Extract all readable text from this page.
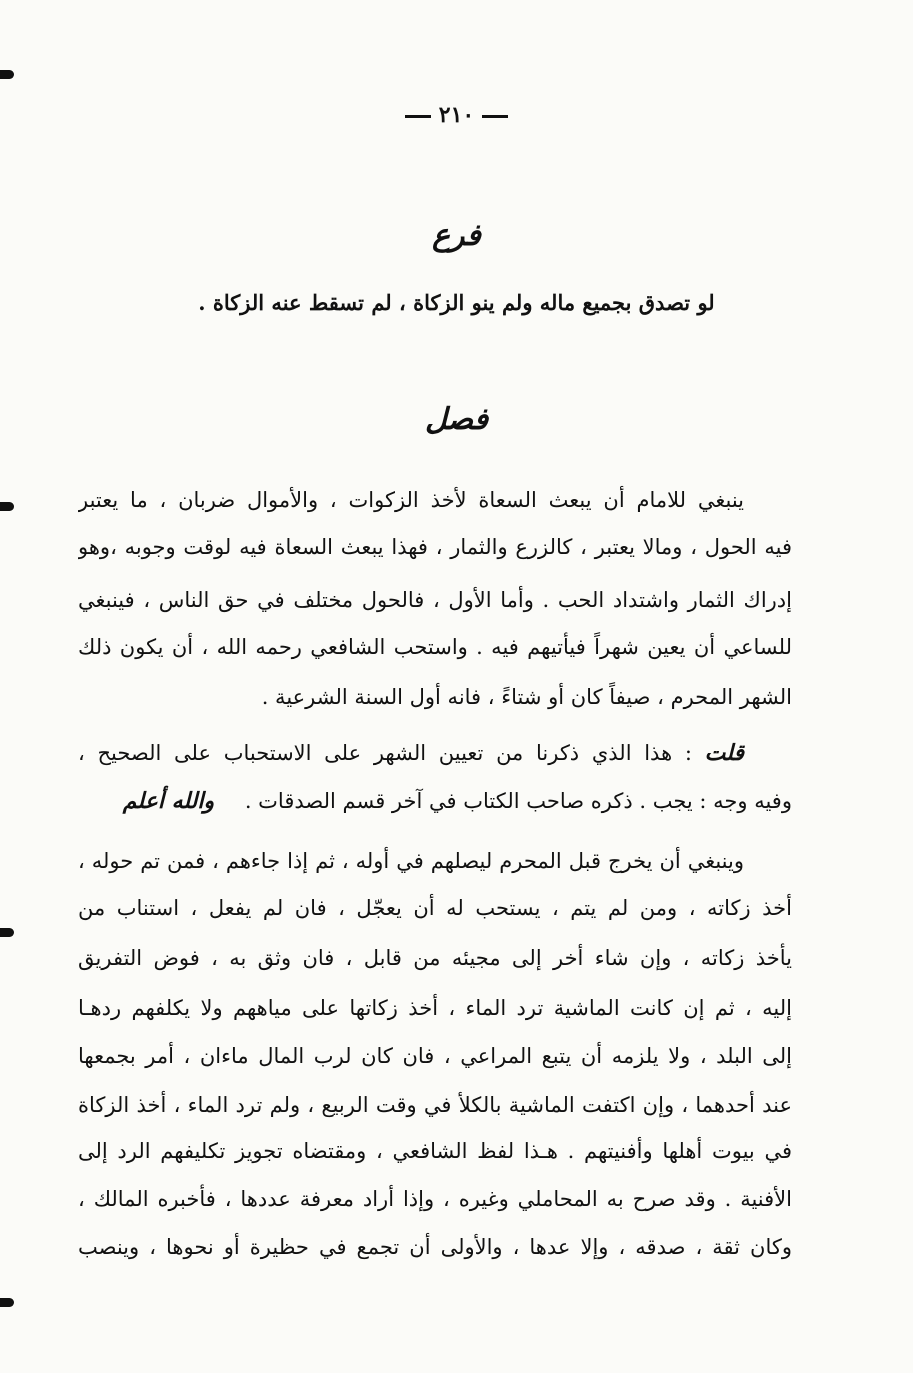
٢١٠
فرع
لو تصدق بجميع ماله ولم ينو الزكاة ، لم تسقط عنه الزكاة .
فصل
ينبغي للامام أن يبعث السعاة لأخذ الزكوات ، والأموال ضربان ، ما يعتبر
فيه الحول ، ومالا يعتبر ، كالزرع والثمار ، فهذا يبعث السعاة فيه لوقت وجوبه ،وهو
إدراك الثمار واشتداد الحب . وأما الأول ، فالحول مختلف في حق الناس ، فينبغي
للساعي أن يعين شهراً فيأتيهم فيه . واستحب الشافعي رحمه الله ، أن يكون ذلك
الشهر المحرم ، صيفاً كان أو شتاءً ، فانه أول السنة الشرعية .
قلت : هذا الذي ذكرنا من تعيين الشهر على الاستحباب على الصحيح ،
وفيه وجه : يجب . ذكره صاحب الكتاب في آخر قسم الصدقات . والله أعلم
وينبغي أن يخرج قبل المحرم ليصلهم في أوله ، ثم إذا جاءهم ، فمن تم حوله ،
أخذ زكاته ، ومن لم يتم ، يستحب له أن يعجّل ، فان لم يفعل ، استناب من
يأخذ زكاته ، وإن شاء أخر إلى مجيئه من قابل ، فان وثق به ، فوض التفريق
إليه ، ثم إن كانت الماشية ترد الماء ، أخذ زكاتها على مياههم ولا يكلفهم ردهـا
إلى البلد ، ولا يلزمه أن يتبع المراعي ، فان كان لرب المال ماءان ، أمر بجمعها
عند أحدهما ، وإن اكتفت الماشية بالكلأ في وقت الربيع ، ولم ترد الماء ، أخذ الزكاة
في بيوت أهلها وأفنيتهم . هـذا لفظ الشافعي ، ومقتضاه تجويز تكليفهم الرد إلى
الأفنية . وقد صرح به المحاملي وغيره ، وإذا أراد معرفة عددها ، فأخبره المالك ،
وكان ثقة ، صدقه ، وإلا عدها ، والأولى أن تجمع في حظيرة أو نحوها ، وينصب
